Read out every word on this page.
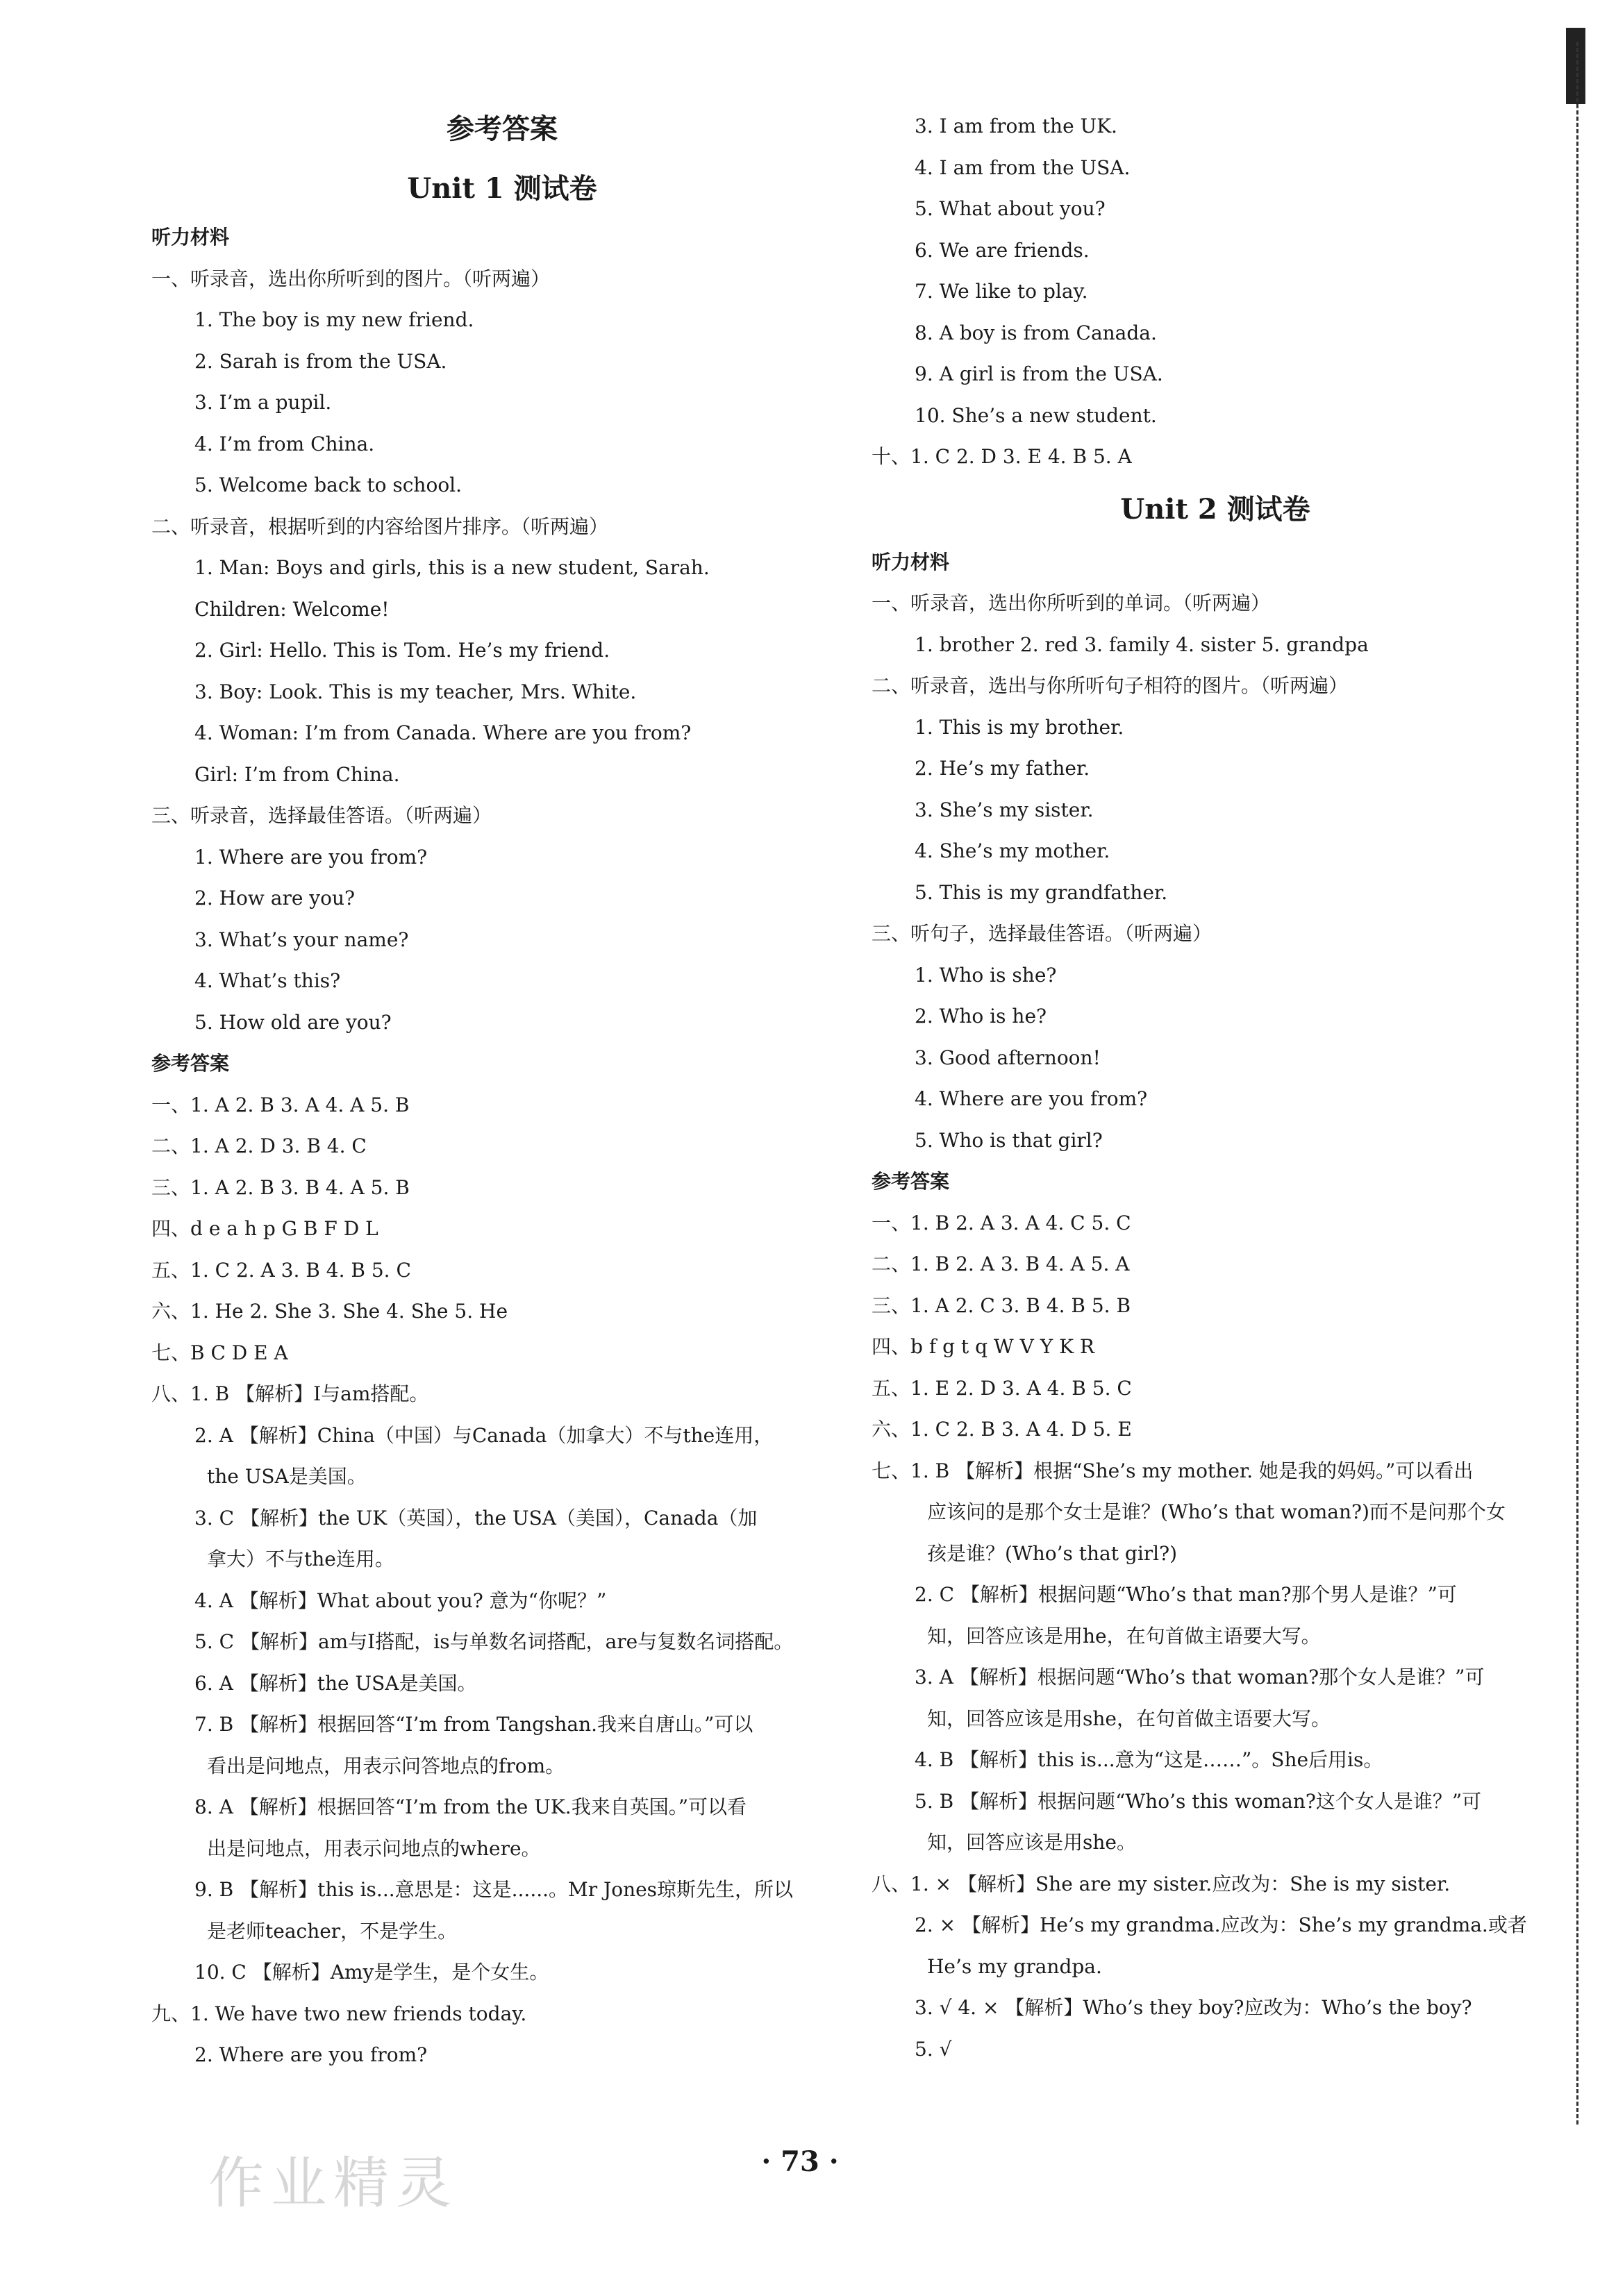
参考答案
Unit 1 测试卷
听力材料
一、听录音，选出你所听到的图片。（听两遍）
1. The boy is my new friend.
2. Sarah is from the USA.
3. I’m a pupil.
4. I’m from China.
5. Welcome back to school.
二、听录音，根据听到的内容给图片排序。（听两遍）
1. Man: Boys and girls, this is a new student, Sarah.
Children: Welcome!
2. Girl: Hello. This is Tom. He’s my friend.
3. Boy: Look. This is my teacher, Mrs. White.
4. Woman: I’m from Canada. Where are you from?
Girl: I’m from China.
三、听录音，选择最佳答语。（听两遍）
1. Where are you from?
2. How are you?
3. What’s your name?
4. What’s this?
5. How old are you?
参考答案
一、1. A 2. B 3. A 4. A 5. B
二、1. A 2. D 3. B 4. C
三、1. A 2. B 3. B 4. A 5. B
四、d e a h p G B F D L
五、1. C 2. A 3. B 4. B 5. C
六、1. He 2. She 3. She 4. She 5. He
七、B C D E A
八、1. B 【解析】I与am搭配。
2. A 【解析】China（中国）与Canada（加拿大）不与the连用，
the USA是美国。
3. C 【解析】the UK（英国），the USA（美国），Canada（加
拿大）不与the连用。
4. A 【解析】What about you? 意为“你呢？”
5. C 【解析】am与I搭配，is与单数名词搭配，are与复数名词搭配。
6. A 【解析】the USA是美国。
7. B 【解析】根据回答“I’m from Tangshan.我来自唐山。”可以
看出是问地点，用表示问答地点的from。
8. A 【解析】根据回答“I’m from the UK.我来自英国。”可以看
出是问地点，用表示问地点的where。
9. B 【解析】this is...意思是：这是......。Mr Jones琼斯先生，所以
是老师teacher，不是学生。
10. C 【解析】Amy是学生，是个女生。
九、1. We have two new friends today.
2. Where are you from?
3. I am from the UK.
4. I am from the USA.
5. What about you?
6. We are friends.
7. We like to play.
8. A boy is from Canada.
9. A girl is from the USA.
10. She’s a new student.
十、1. C 2. D 3. E 4. B 5. A
Unit 2 测试卷
听力材料
一、听录音，选出你所听到的单词。（听两遍）
1. brother 2. red 3. family 4. sister 5. grandpa
二、听录音，选出与你所听句子相符的图片。（听两遍）
1. This is my brother.
2. He’s my father.
3. She’s my sister.
4. She’s my mother.
5. This is my grandfather.
三、听句子，选择最佳答语。（听两遍）
1. Who is she?
2. Who is he?
3. Good afternoon!
4. Where are you from?
5. Who is that girl?
参考答案
一、1. B 2. A 3. A 4. C 5. C
二、1. B 2. A 3. B 4. A 5. A
三、1. A 2. C 3. B 4. B 5. B
四、b f g t q W V Y K R
五、1. E 2. D 3. A 4. B 5. C
六、1. C 2. B 3. A 4. D 5. E
七、1. B 【解析】根据“She’s my mother. 她是我的妈妈。”可以看出
应该问的是那个女士是谁？(Who’s that woman?)而不是问那个女
孩是谁？(Who’s that girl?)
2. C 【解析】根据问题“Who’s that man?那个男人是谁？”可
知，回答应该是用he，在句首做主语要大写。
3. A 【解析】根据问题“Who’s that woman?那个女人是谁？”可
知，回答应该是用she，在句首做主语要大写。
4. B 【解析】this is...意为“这是……”。She后用is。
5. B 【解析】根据问题“Who’s this woman?这个女人是谁？”可
知，回答应该是用she。
八、1. × 【解析】She are my sister.应改为：She is my sister.
2. × 【解析】He’s my grandma.应改为：She’s my grandma.或者
He’s my grandpa.
3. √ 4. × 【解析】Who’s they boy?应改为：Who’s the boy?
5. √
作业精灵	· 73 ·
